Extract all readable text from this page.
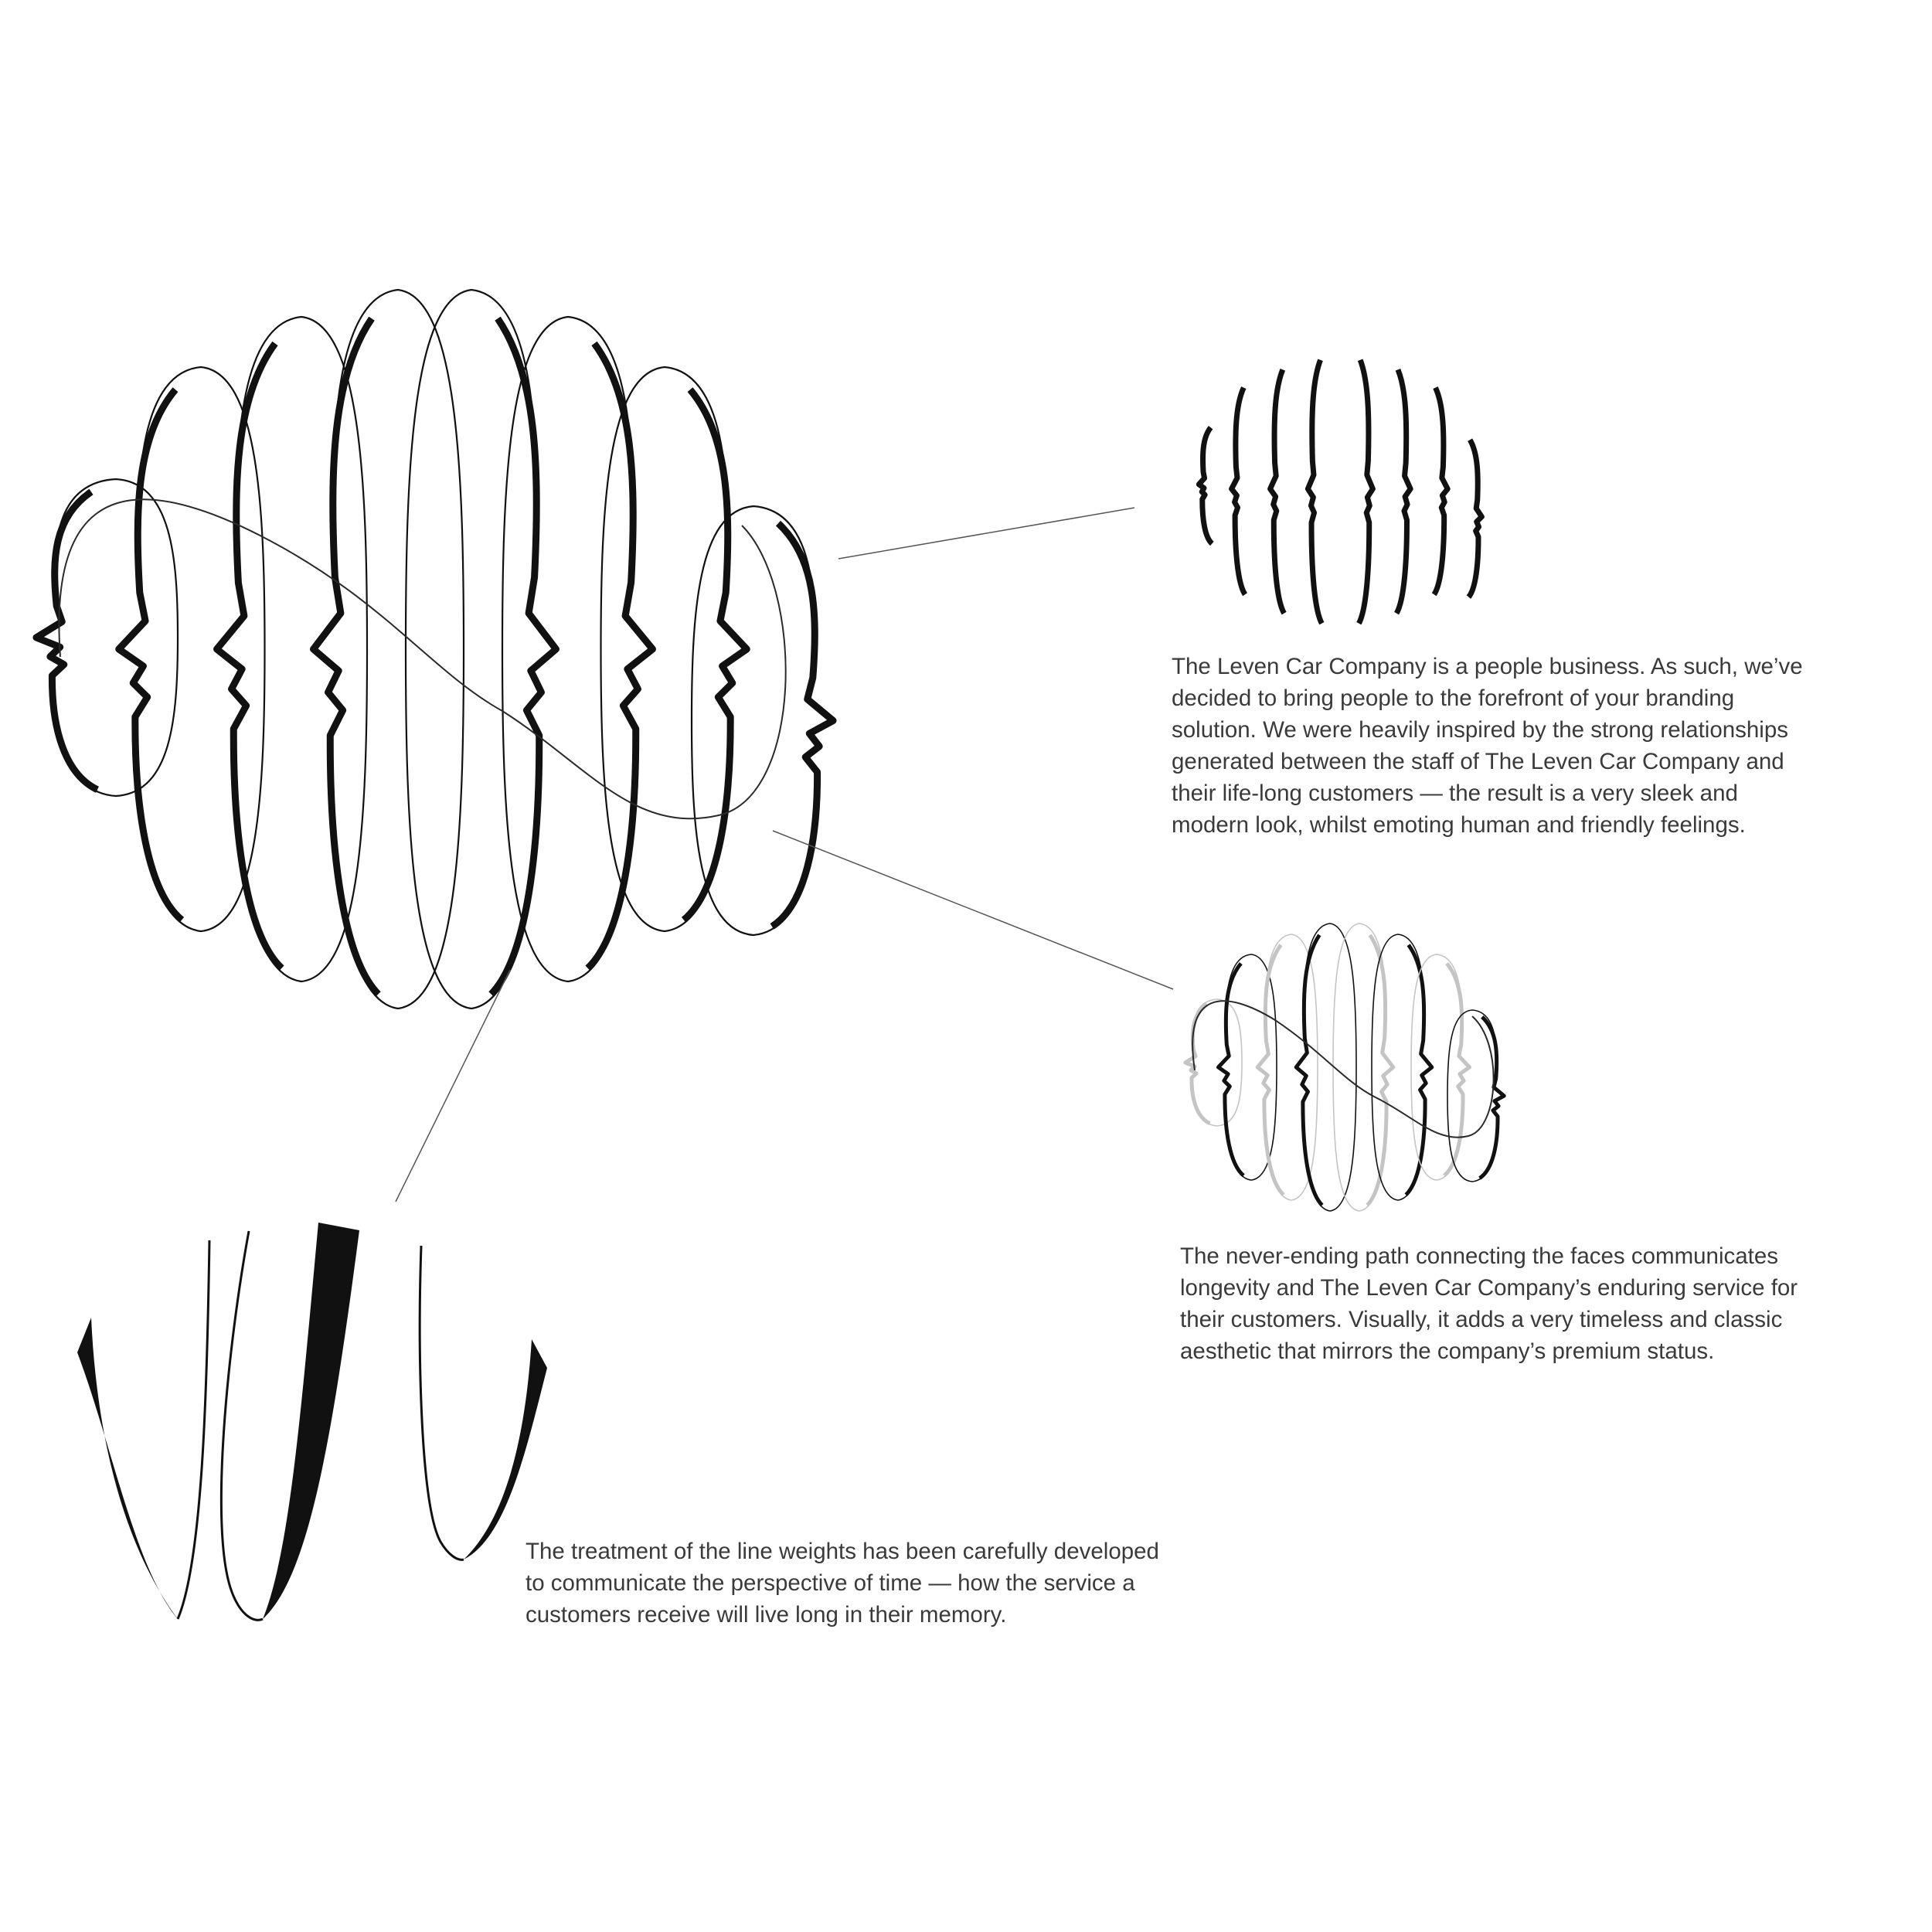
The Leven Car Company is a people business. As such, we’ve
decided to bring people to the forefront of your branding
solution. We were heavily inspired by the strong relationships
generated between the staff of The Leven Car Company and
their life-long customers — the result is a very sleek and
modern look, whilst emoting human and friendly feelings.
The never-ending path connecting the faces communicates
longevity and The Leven Car Company’s enduring service for
their customers. Visually, it adds a very timeless and classic
aesthetic that mirrors the company’s premium status.
The treatment of the line weights has been carefully developed
to communicate the perspective of time — how the service a
customers receive will live long in their memory.
